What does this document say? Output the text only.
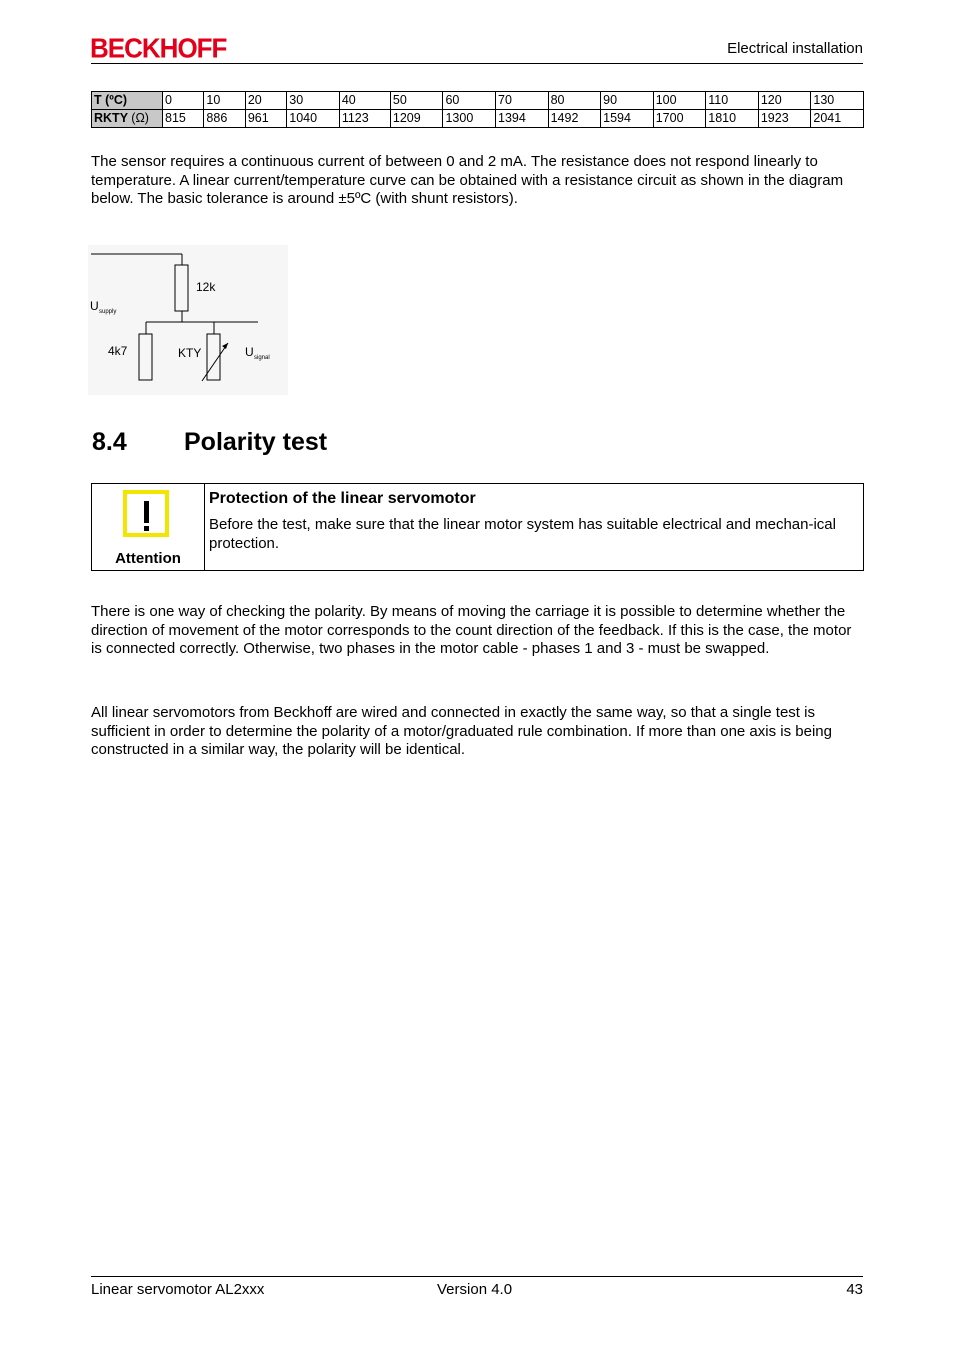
BECKHOFF	Electrical installation
T (ºC)	0	10	20	30	40	50	60	70	80	90	100	110	120	130
RKTY (Ω)	815	886	961	1040	1123	1209	1300	1394	1492	1594	1700	1810	1923	2041
The sensor requires a continuous current of between 0 and 2 mA. The resistance does not respond linearly to temperature. A linear current/temperature curve can be obtained with a resistance circuit as shown in the diagram below. The basic tolerance is around ±5ºC (with shunt resistors).
12k
4k7	KTY
U supply
U signal
8.4 Polarity test
Attention
Protection of the linear servomotor
Before the test, make sure that the linear motor system has suitable electrical and mechan-ical protection.
There is one way of checking the polarity. By means of moving the carriage it is possible to determine whether the direction of movement of the motor corresponds to the count direction of the feedback. If this is the case, the motor is connected correctly. Otherwise, two phases in the motor cable - phases 1 and 3 - must be swapped.
All linear servomotors from Beckhoff are wired and connected in exactly the same way, so that a single test is sufficient in order to determine the polarity of a motor/graduated rule combination. If more than one axis is being constructed in a similar way, the polarity will be identical.
Linear servomotor AL2xxx	Version 4.0	43
